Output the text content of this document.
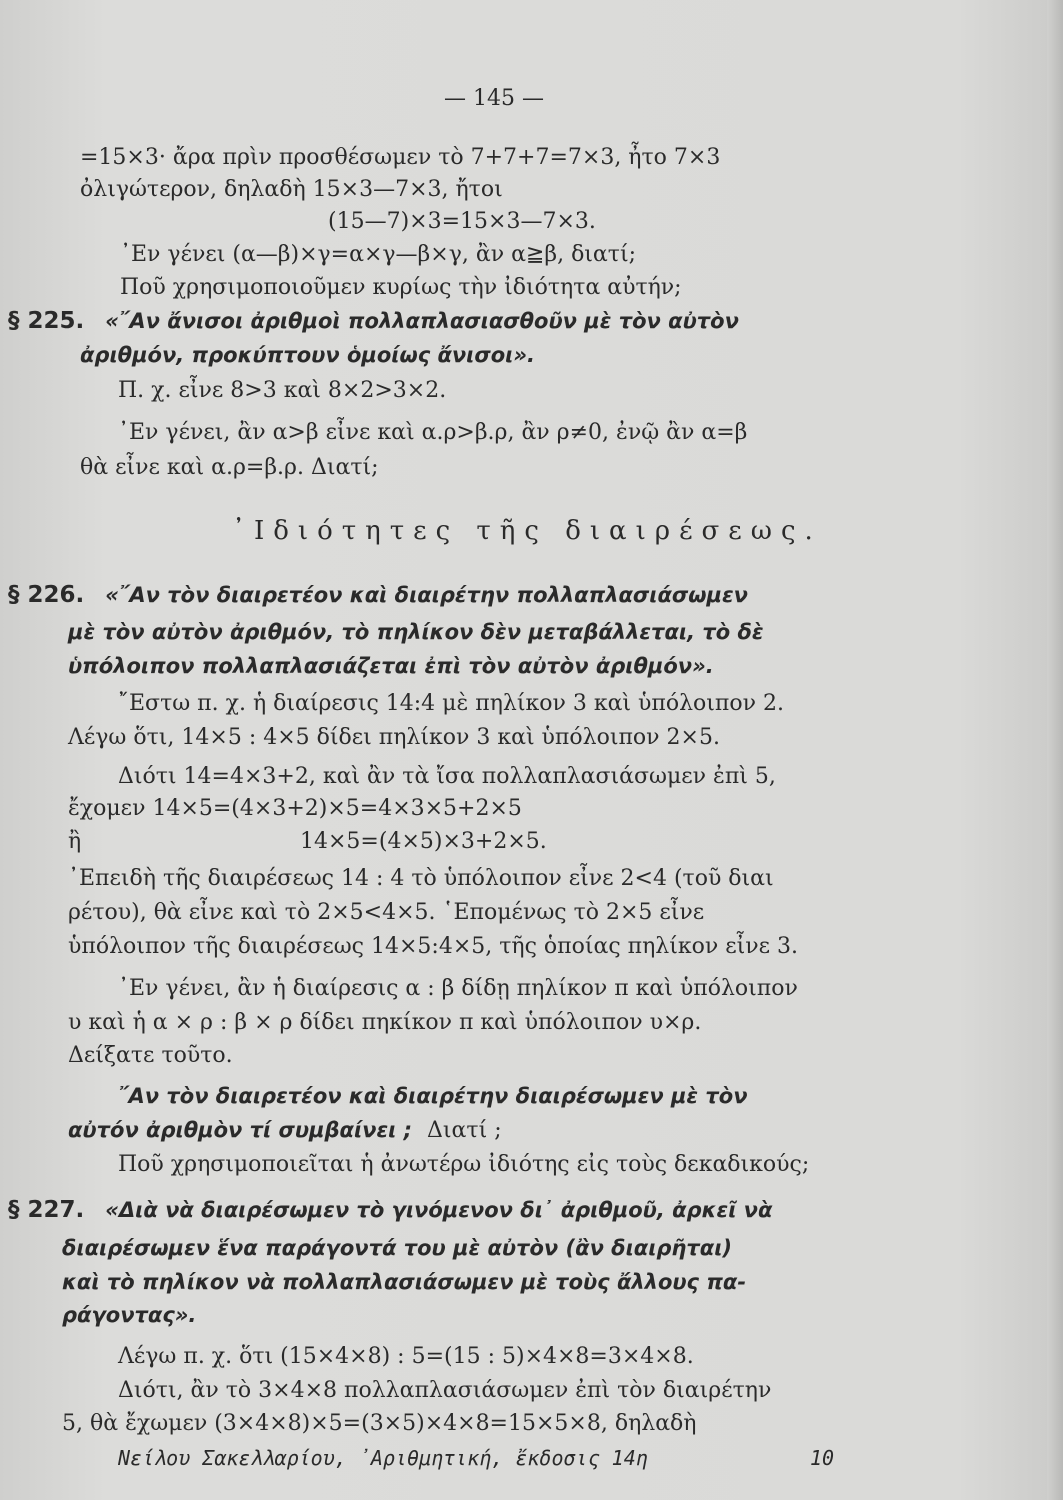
— 145 —
=15×3· ἄρα πρὶν προσθέσωμεν τὸ 7+7+7=7×3, ἦτο 7×3
ὀλιγώτερον, δηλαδὴ 15×3—7×3, ἤτοι
(15—7)×3=15×3—7×3.
᾿Εν γένει (α—β)×γ=α×γ—β×γ, ἂν α≧β, διατί;
Ποῦ χρησιμοποιοῦμεν κυρίως τὴν ἰδιότητα αὐτήν;
§ 225. «῎Αν ἄνισοι ἀριθμοὶ πολλαπλασιασθοῦν μὲ τὸν αὐτὸν
ἀριθμόν, προκύπτουν ὁμοίως ἄνισοι».
Π. χ. εἶνε 8>3 καὶ 8×2>3×2.
᾿Εν γένει, ἂν α>β εἶνε καὶ α.ρ>β.ρ, ἂν ρ≠0, ἐνῷ ἂν α=β
θὰ εἶνε καὶ α.ρ=β.ρ. Διατί;
᾿Ιδιότητες τῆς διαιρέσεως.
§ 226. «῎Αν τὸν διαιρετέον καὶ διαιρέτην πολλαπλασιάσωμεν
μὲ τὸν αὐτὸν ἀριθμόν, τὸ πηλίκον δὲν μεταβάλλεται, τὸ δὲ
ὑπόλοιπον πολλαπλασιάζεται ἐπὶ τὸν αὐτὸν ἀριθμόν».
῎Εστω π. χ. ἡ διαίρεσις 14:4 μὲ πηλίκον 3 καὶ ὑπόλοιπον 2.
Λέγω ὅτι, 14×5 : 4×5 δίδει πηλίκον 3 καὶ ὑπόλοιπον 2×5.
Διότι 14=4×3+2, καὶ ἂν τὰ ἴσα πολλαπλασιάσωμεν ἐπὶ 5,
ἔχομεν 14×5=(4×3+2)×5=4×3×5+2×5
ἢ	14×5=(4×5)×3+2×5.
᾿Επειδὴ τῆς διαιρέσεως 14 : 4 τὸ ὑπόλοιπον εἶνε 2<4 (τοῦ διαι
ρέτου), θὰ εἶνε καὶ τὸ 2×5<4×5. ῾Επομένως τὸ 2×5 εἶνε
ὑπόλοιπον τῆς διαιρέσεως 14×5:4×5, τῆς ὁποίας πηλίκον εἶνε 3.
᾿Εν γένει, ἂν ἡ διαίρεσις α : β δίδῃ πηλίκον π καὶ ὑπόλοιπον
υ καὶ ἡ α × ρ : β × ρ δίδει πηκίκον π καὶ ὑπόλοιπον υ×ρ.
Δείξατε τοῦτο.
῎Αν τὸν διαιρετέον καὶ διαιρέτην διαιρέσωμεν μὲ τὸν
αὐτόν ἀριθμὸν τί συμβαίνει ; Διατί ;
Ποῦ χρησιμοποιεῖται ἡ ἀνωτέρω ἰδιότης εἰς τοὺς δεκαδικούς;
§ 227. «Διὰ νὰ διαιρέσωμεν τὸ γινόμενον δι᾿ ἀριθμοῦ, ἀρκεῖ νὰ
διαιρέσωμεν ἕνα παράγοντά του μὲ αὐτὸν (ἂν διαιρῆται)
καὶ τὸ πηλίκον νὰ πολλαπλασιάσωμεν μὲ τοὺς ἄλλους πα-
ράγοντας».
Λέγω π. χ. ὅτι (15×4×8) : 5=(15 : 5)×4×8=3×4×8.
Διότι, ἂν τὸ 3×4×8 πολλαπλασιάσωμεν ἐπὶ τὸν διαιρέτην
5, θὰ ἔχωμεν (3×4×8)×5=(3×5)×4×8=15×5×8, δηλαδὴ
Νείλου Σακελλαρίου, ᾿Αριθμητική, ἔκδοσις 14η	10
